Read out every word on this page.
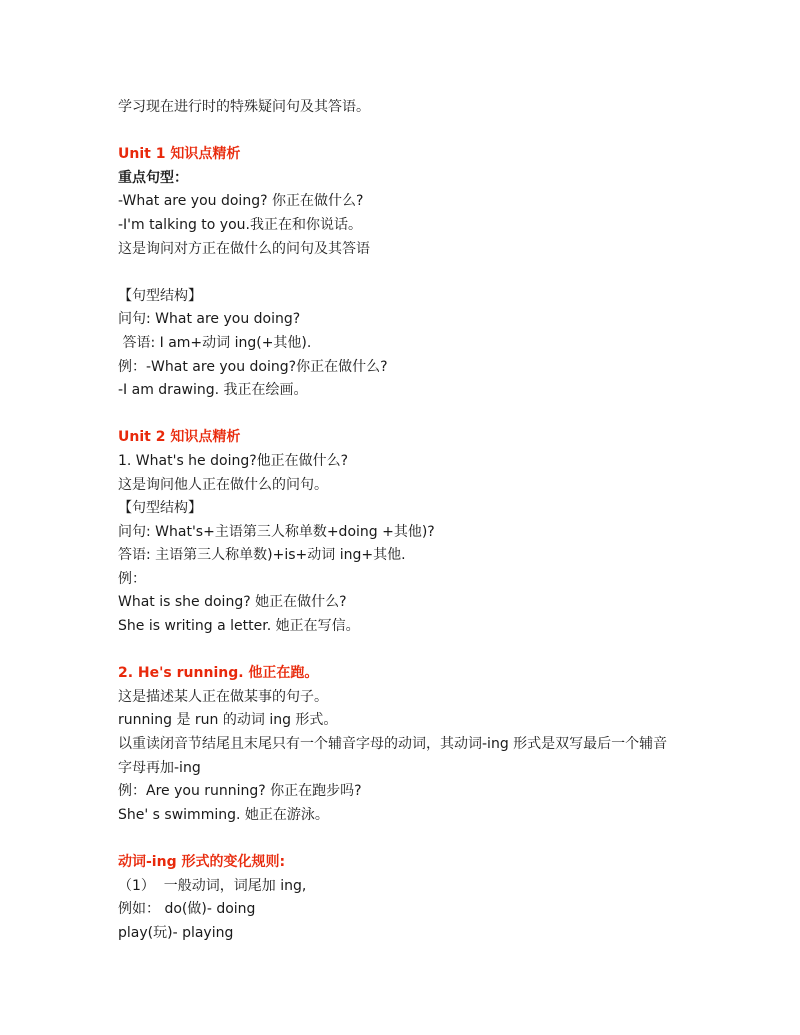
学习现在进行时的特殊疑问句及其答语。
Unit 1 知识点精析
重点句型：
-What are you doing? 你正在做什么?
-I'm talking to you.我正在和你说话。
这是询问对方正在做什么的问句及其答语
【句型结构】
问句: What are you doing?
答语: I am+动词 ing(+其他).
例：-What are you doing?你正在做什么?
-I am drawing. 我正在绘画。
Unit 2 知识点精析
1. What's he doing?他正在做什么?
这是询问他人正在做什么的问句。
【句型结构】
问句: What's+主语第三人称单数+doing +其他)?
答语: 主语第三人称单数)+is+动词 ing+其他.
例：
What is she doing? 她正在做什么?
She is writing a letter. 她正在写信。
2. He's running. 他正在跑。
这是描述某人正在做某事的句子。
running 是 run 的动词 ing 形式。
以重读闭音节结尾且末尾只有一个辅音字母的动词，其动词-ing 形式是双写最后一个辅音
字母再加-ing
例：Are you running? 你正在跑步吗?
She' s swimming. 她正在游泳。
动词-ing 形式的变化规则:
（1）  一般动词，词尾加 ing,
例如： do(做)- doing
play(玩)- playing
